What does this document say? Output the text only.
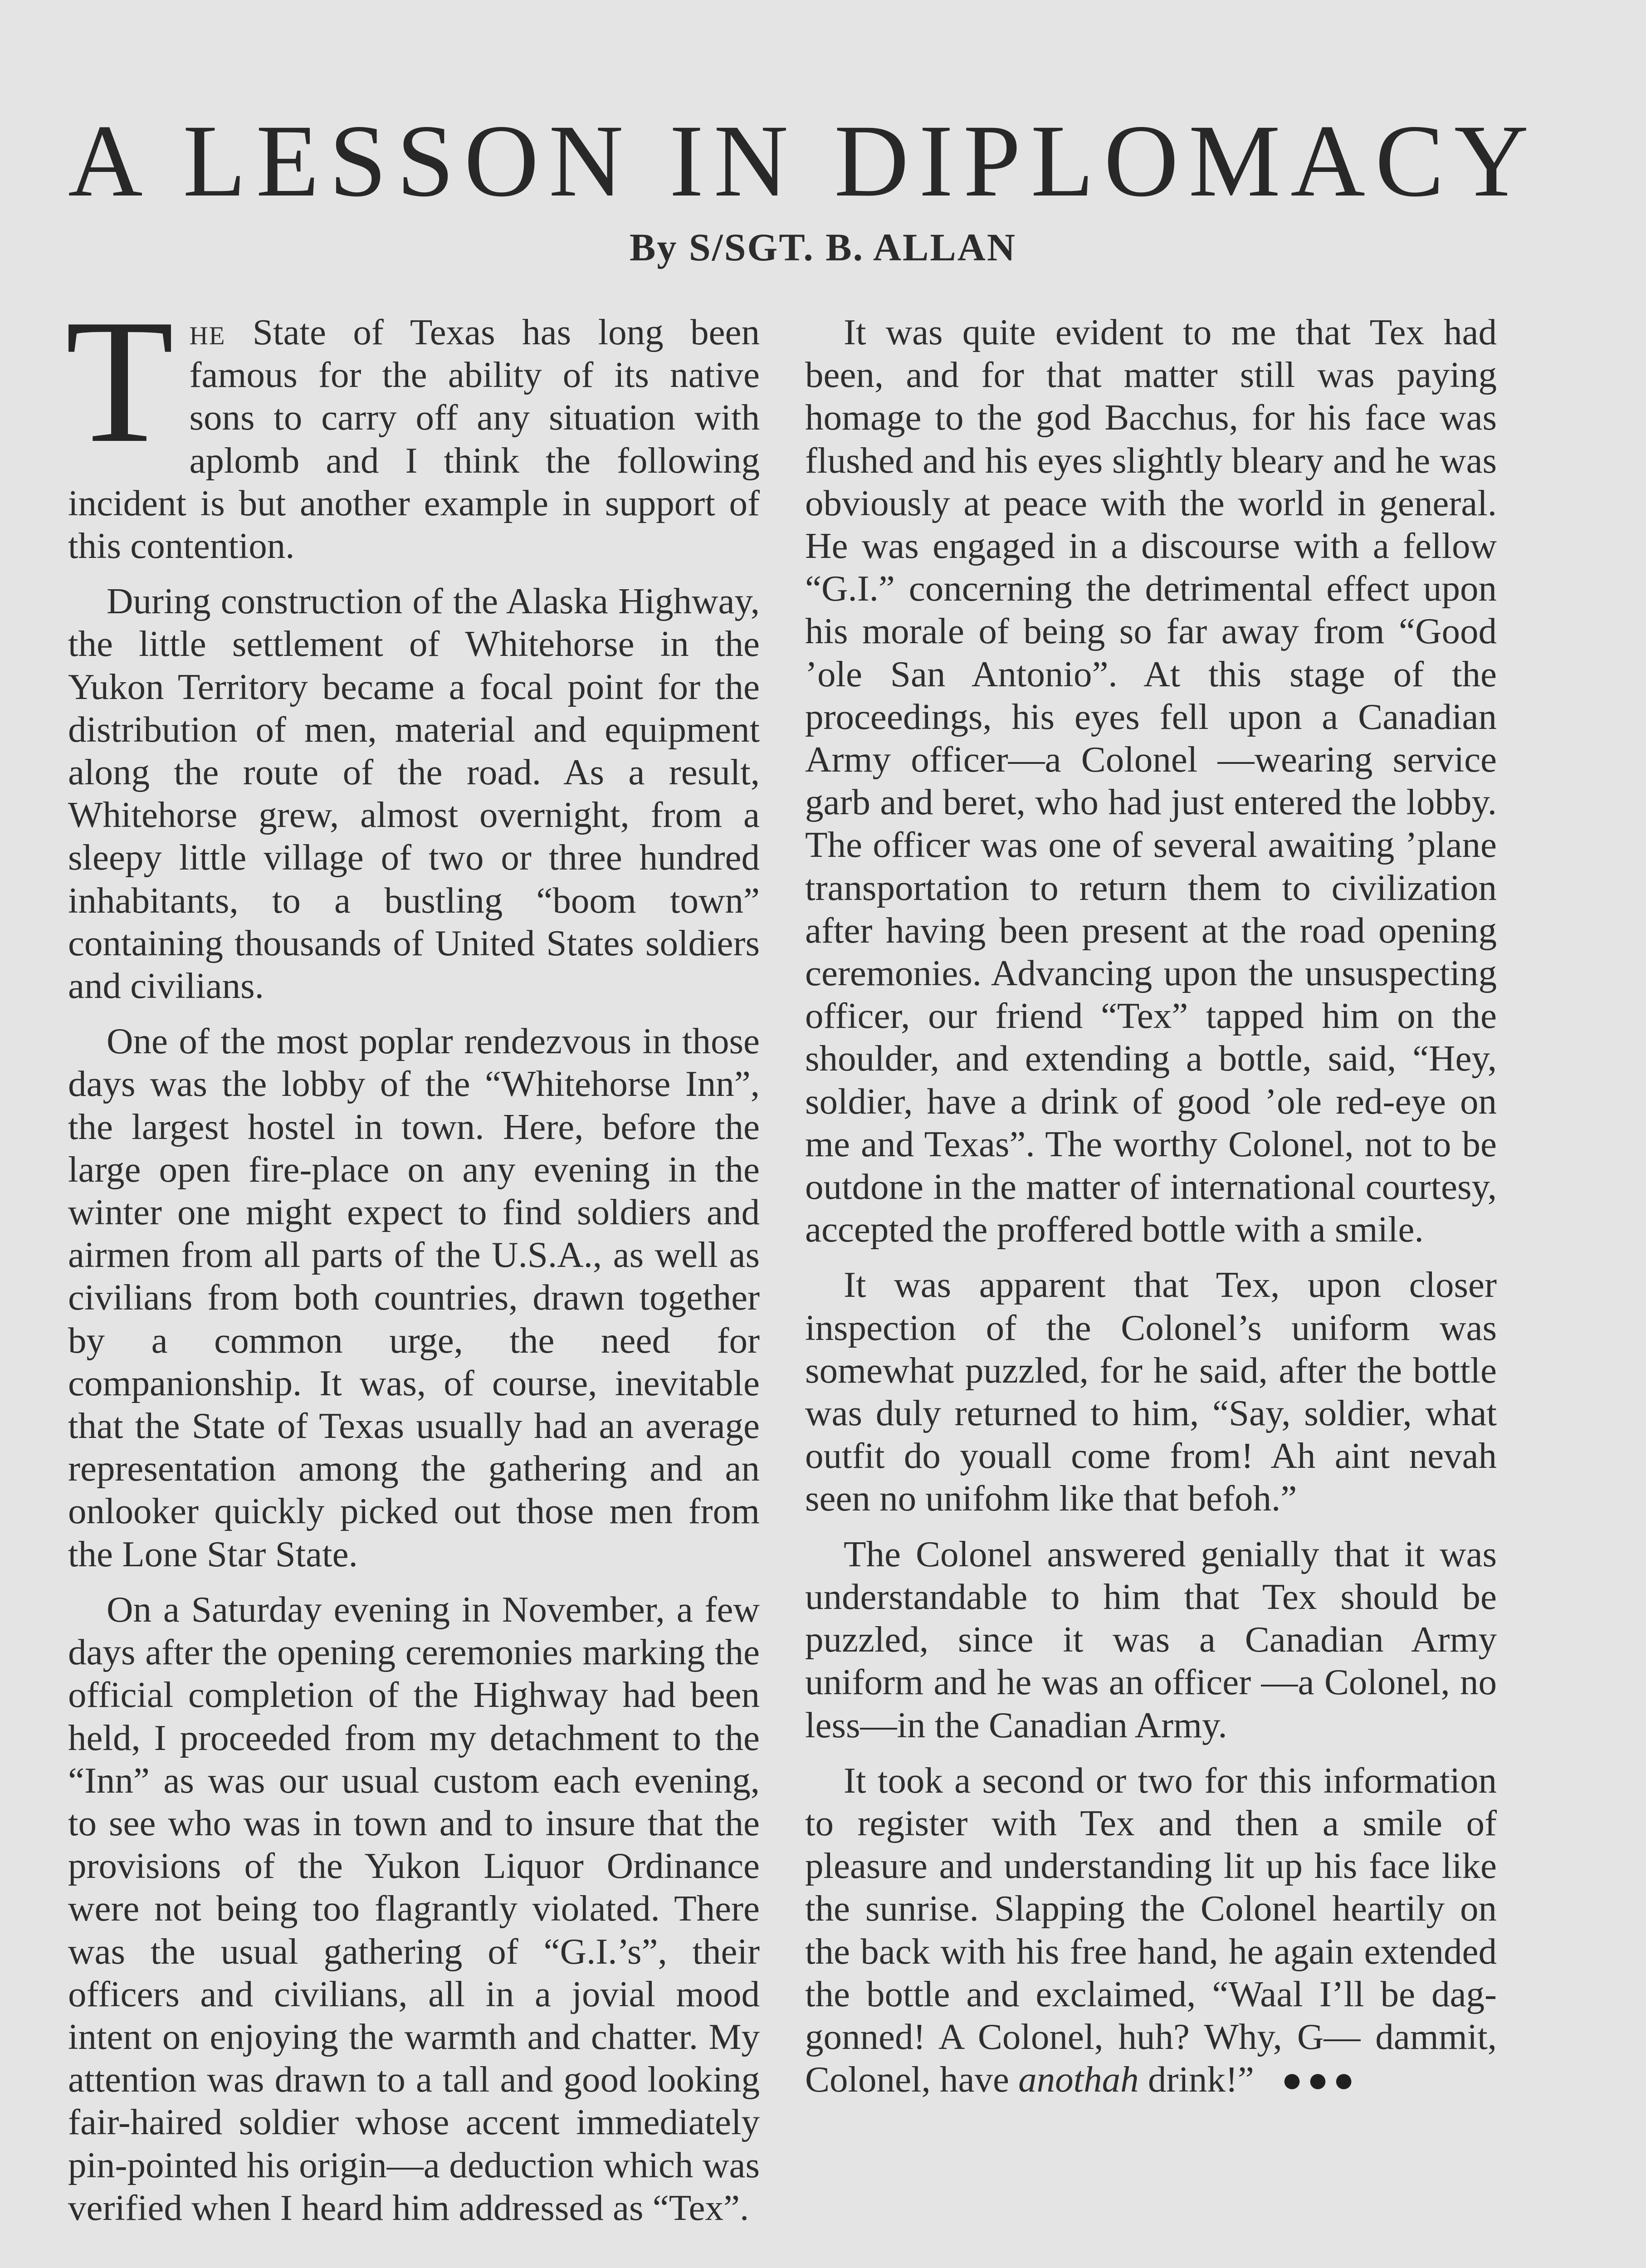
A LESSON IN DIPLOMACY
By S/SGT. B. ALLAN

The State of Texas has long been famous for the ability of its native sons to carry off any situation with aplomb and I think the following incident is but another example in support of this contention.

During construction of the Alaska Highway, the little settlement of Whitehorse in the Yukon Territory became a focal point for the distribution of men, material and equipment along the route of the road. As a result, Whitehorse grew, almost overnight, from a sleepy little village of two or three hundred inhabitants, to a bustling “boom town” containing thousands of United States soldiers and civilians.

One of the most poplar rendezvous in those days was the lobby of the “Whitehorse Inn”, the largest hostel in town. Here, before the large open fire-place on any evening in the winter one might expect to find soldiers and airmen from all parts of the U.S.A., as well as civilians from both countries, drawn together by a common urge, the need for companionship. It was, of course, inevitable that the State of Texas usually had an average representation among the gathering and an onlooker quickly picked out those men from the Lone Star State.

On a Saturday evening in November, a few days after the opening ceremonies marking the official completion of the Highway had been held, I proceeded from my detachment to the “Inn” as was our usual custom each evening, to see who was in town and to insure that the provisions of the Yukon Liquor Ordinance were not being too flagrantly violated. There was the usual gathering of “G.I.’s”, their officers and civilians, all in a jovial mood intent on enjoying the warmth and chatter. My attention was drawn to a tall and good looking fair-haired soldier whose accent immediately pin-pointed his origin—a deduction which was verified when I heard him addressed as “Tex”.

It was quite evident to me that Tex had been, and for that matter still was paying homage to the god Bacchus, for his face was flushed and his eyes slightly bleary and he was obviously at peace with the world in general. He was engaged in a discourse with a fellow “G.I.” concerning the detrimental effect upon his morale of being so far away from “Good ’ole San Antonio”. At this stage of the proceedings, his eyes fell upon a Canadian Army officer—a Colonel —wearing service garb and beret, who had just entered the lobby. The officer was one of several awaiting ’plane transportation to return them to civilization after having been present at the road opening ceremonies. Advancing upon the unsuspecting officer, our friend “Tex” tapped him on the shoulder, and extending a bottle, said, “Hey, soldier, have a drink of good ’ole red-eye on me and Texas”. The worthy Colonel, not to be outdone in the matter of international courtesy, accepted the proffered bottle with a smile.

It was apparent that Tex, upon closer inspection of the Colonel’s uniform was somewhat puzzled, for he said, after the bottle was duly returned to him, “Say, soldier, what outfit do youall come from! Ah aint nevah seen no unifohm like that befoh.”

The Colonel answered genially that it was understandable to him that Tex should be puzzled, since it was a Canadian Army uniform and he was an officer —a Colonel, no less—in the Canadian Army.

It took a second or two for this information to register with Tex and then a smile of pleasure and understanding lit up his face like the sunrise. Slapping the Colonel heartily on the back with his free hand, he again extended the bottle and exclaimed, “Waal I’ll be dag-gonned! A Colonel, huh? Why, G— dammit, Colonel, have anothah drink!” ●●●
